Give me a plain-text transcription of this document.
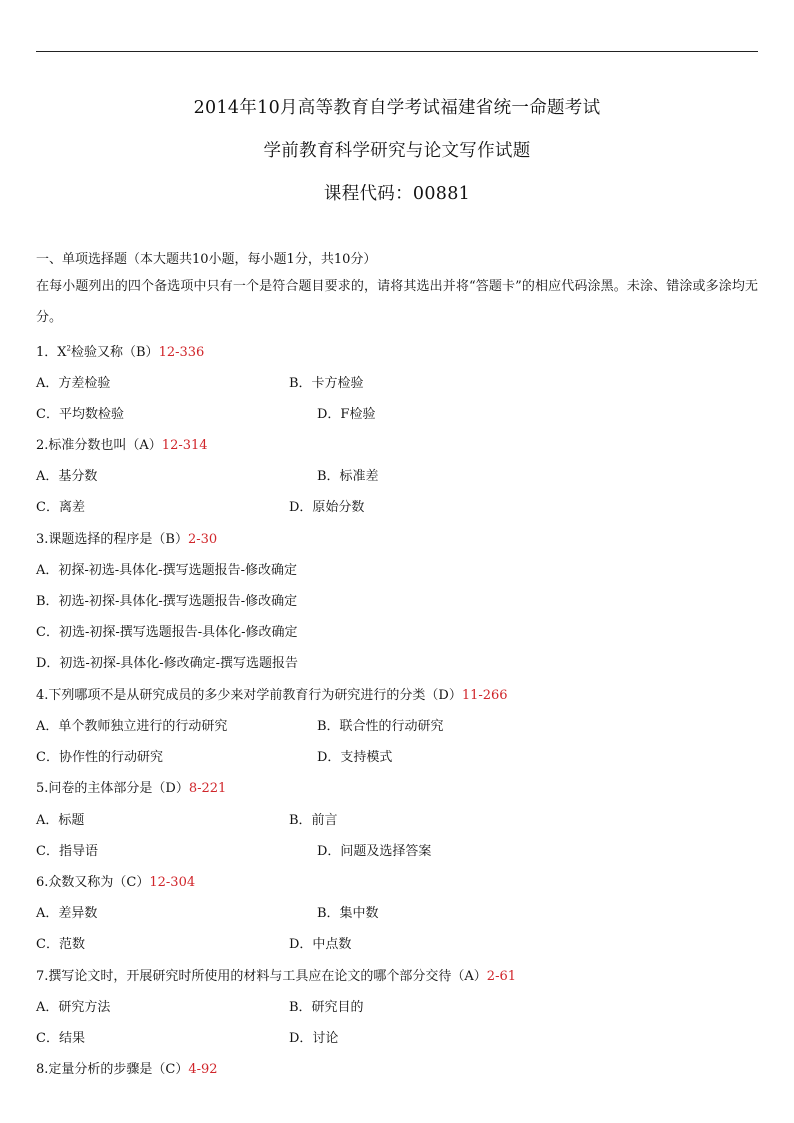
2014年10月高等教育自学考试福建省统一命题考试
学前教育科学研究与论文写作试题
课程代码：00881
一、单项选择题（本大题共10小题，每小题1分，共10分）
在每小题列出的四个备选项中只有一个是符合题目要求的，请将其选出并将“答题卡”的相应代码涂黑。未涂、错涂或多涂均无分。
1．$X^2$检验又称（B）12-336
A．方差检验	B．卡方检验
C．平均数检验	D．F检验
2.标准分数也叫（A）12-314
A．基分数	B．标准差
C．离差	D．原始分数
3.课题选择的程序是（B）2-30
A．初探-初选-具体化-撰写选题报告-修改确定
B．初选-初探-具体化-撰写选题报告-修改确定
C．初选-初探-撰写选题报告-具体化-修改确定
D．初选-初探-具体化-修改确定-撰写选题报告
4.下列哪项不是从研究成员的多少来对学前教育行为研究进行的分类（D）11-266
A．单个教师独立进行的行动研究	B．联合性的行动研究
C．协作性的行动研究	D．支持模式
5.问卷的主体部分是（D）8-221
A．标题	B．前言
C．指导语	D．问题及选择答案
6.众数又称为（C）12-304
A．差异数	B．集中数
C．范数	D．中点数
7.撰写论文时，开展研究时所使用的材料与工具应在论文的哪个部分交待（A）2-61
A．研究方法	B．研究目的
C．结果	D．讨论
8.定量分析的步骤是（C）4-92
